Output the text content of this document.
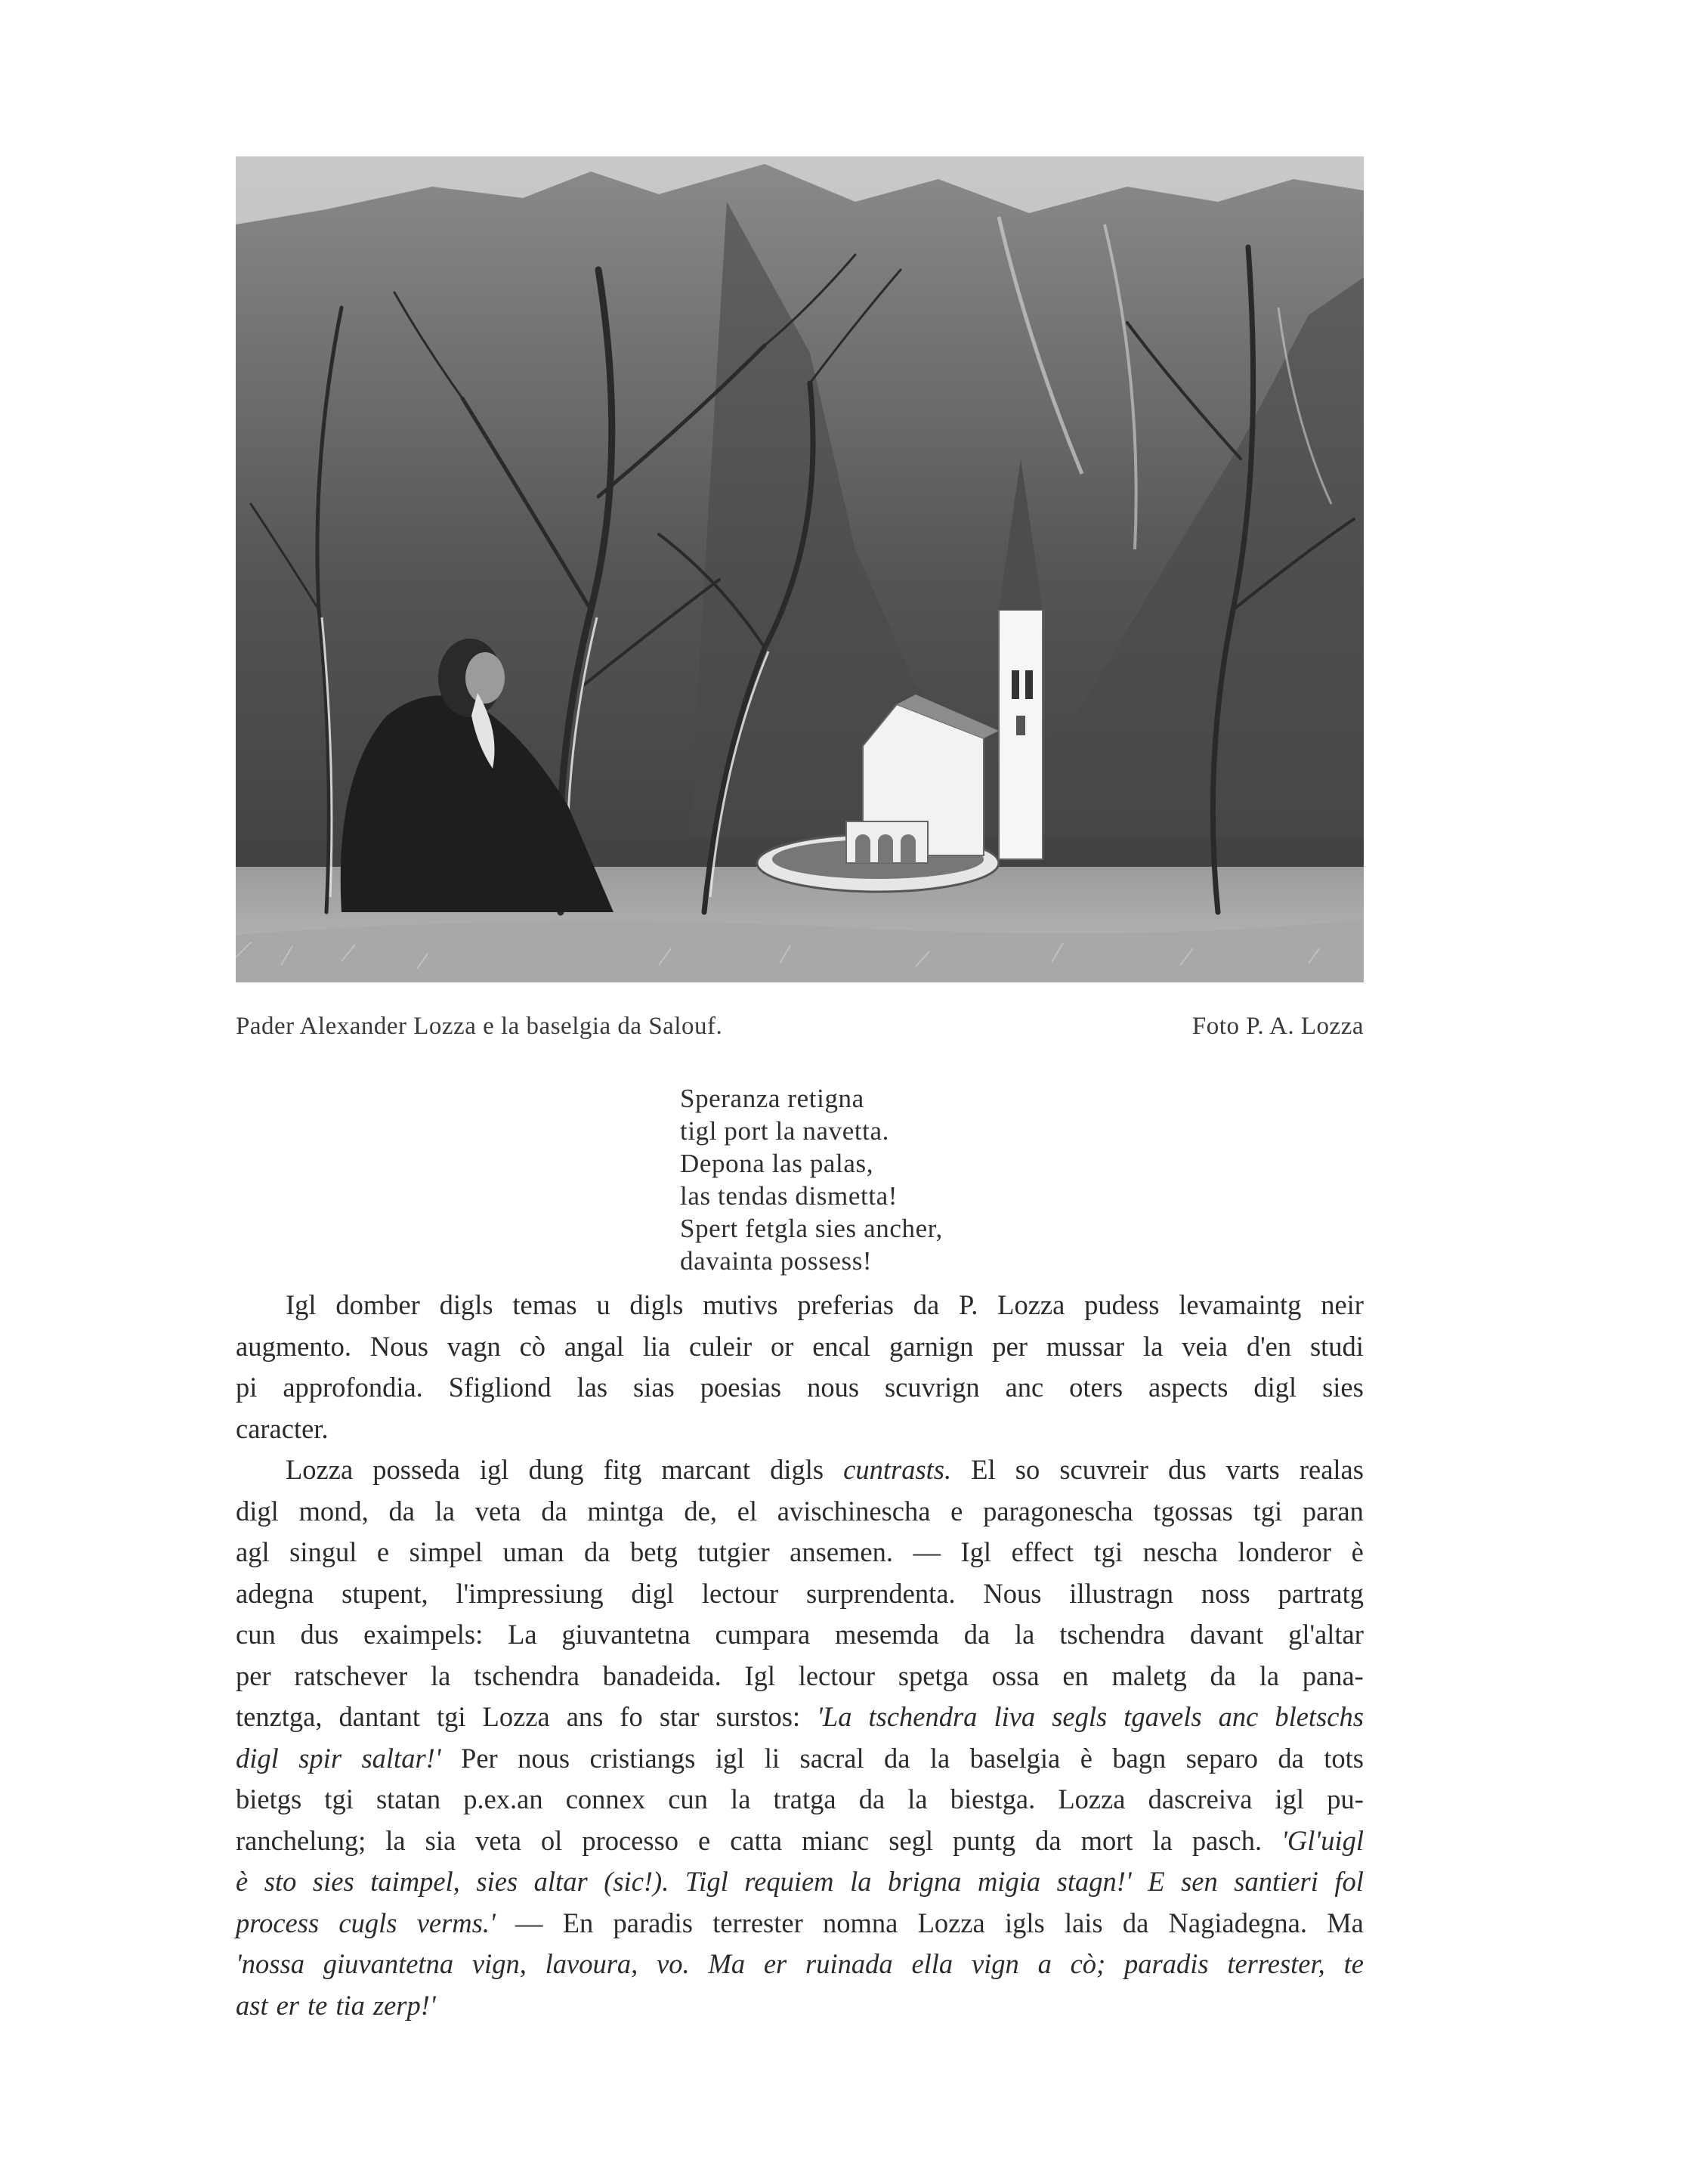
Pader Alexander Lozza e la baselgia da Salouf.	Foto P. A. Lozza
Speranza retigna
tigl port la navetta.
Depona las palas,
las tendas dismetta!
Spert fetgla sies ancher,
davainta possess!
Igl domber digls temas u digls mutivs preferias da P. Lozza pudess levamaintg neir
augmento. Nous vagn cò angal lia culeir or encal garnign per mussar la veia d'en studi
pi approfondia. Sfigliond las sias poesias nous scuvrign anc oters aspects digl sies
caracter.
Lozza posseda igl dung fitg marcant digls cuntrasts. El so scuvreir dus varts realas
digl mond, da la veta da mintga de, el avischinescha e paragonescha tgossas tgi paran
agl singul e simpel uman da betg tutgier ansemen. — Igl effect tgi nescha londeror è
adegna stupent, l'impressiung digl lectour surprendenta. Nous illustragn noss partratg
cun dus exaimpels: La giuvantetna cumpara mesemda da la tschendra davant gl'altar
per ratschever la tschendra banadeida. Igl lectour spetga ossa en maletg da la pana-
tenztga, dantant tgi Lozza ans fo star surstos: 'La tschendra liva segls tgavels anc bletschs
digl spir saltar!' Per nous cristiangs igl li sacral da la baselgia è bagn separo da tots
bietgs tgi statan p.ex.an connex cun la tratga da la biestga. Lozza dascreiva igl pu-
ranchelung; la sia veta ol processo e catta mianc segl puntg da mort la pasch. 'Gl'uigl
è sto sies taimpel, sies altar (sic!). Tigl requiem la brigna migia stagn!' E sen santieri fol
process cugls verms.' — En paradis terrester nomna Lozza igls lais da Nagiadegna. Ma
'nossa giuvantetna vign, lavoura, vo. Ma er ruinada ella vign a cò; paradis terrester, te
ast er te tia zerp!'
